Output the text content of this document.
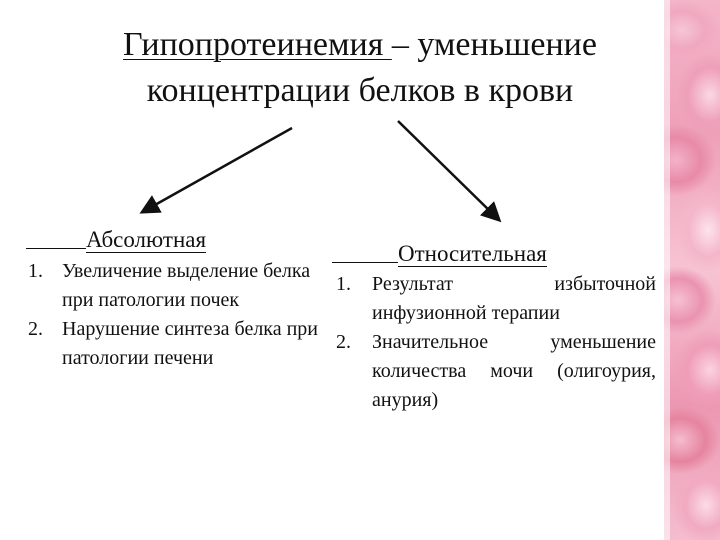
Гипопротеинемия – уменьшение
концентрации белков в крови
Абсолютная
1. Увеличение выделение белка при патологии почек
2. Нарушение синтеза белка при патологии печени
Относительная
1. Результат избыточной инфузионной терапии
2. Значительное уменьшение количества мочи (олигоурия, анурия)
